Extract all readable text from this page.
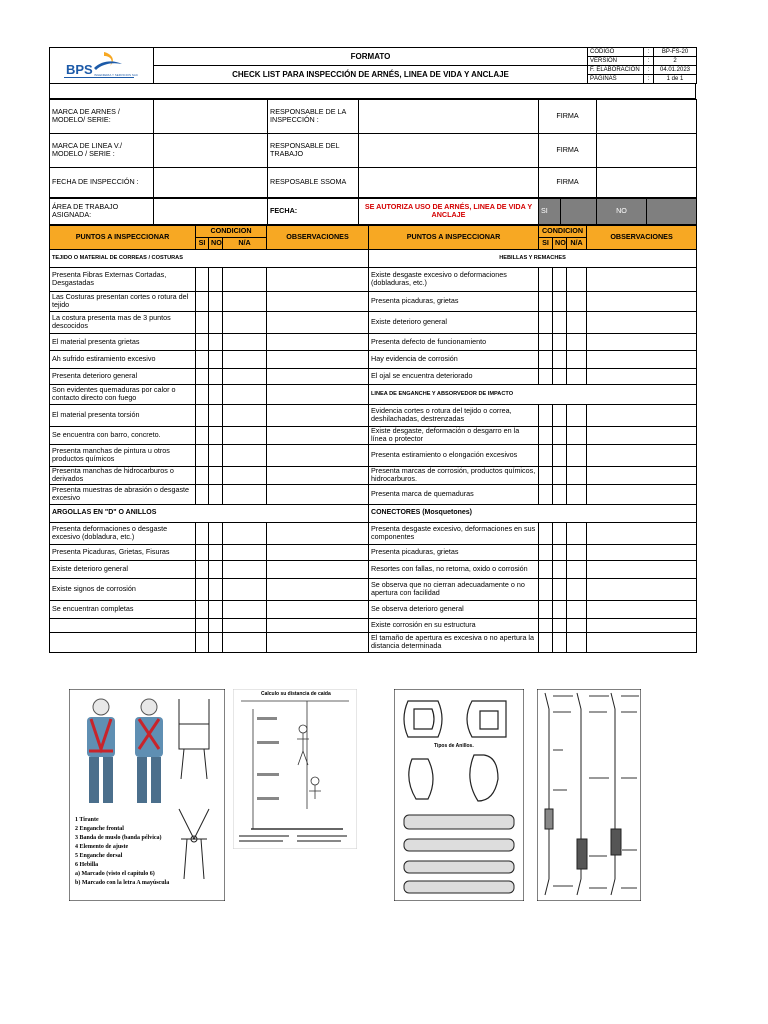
BPS INGENIERIA Y SERVICIOS SAC	FORMATO	CÓDIGO	:	BP-FS-20
		VERSIÓN	:	2
	CHECK LIST PARA INSPECCIÓN DE ARNÉS, LINEA DE VIDA Y ANCLAJE	F. ELABORACIÓN	:	04.01.2023
		PÁGINAS	:	1 de 1
MARCA DE ARNES / MODELO/ SERIE:		RESPONSABLE DE LA INSPECCIÓN :		FIRMA	
MARCA DE LINEA V./ MODELO / SERIE :		RESPONSABLE DEL TRABAJO		FIRMA	
FECHA DE INSPECCIÓN :		RESPOSABLE SSOMA		FIRMA	
ÁREA DE TRABAJO ASIGNADA:		FECHA:	SE AUTORIZA USO DE ARNÉS, LINEA DE VIDA Y ANCLAJE	SI		NO	
PUNTOS A INSPECCIONAR	CONDICION			OBSERVACIONES	PUNTOS A INSPECCIONAR	CONDICION			OBSERVACIONES
	SI	NO	N/A			SI	NO	N/A	
TEJIDO O MATERIAL DE CORREAS / COSTURAS					HEBILLAS Y REMACHES				
Presenta Fibras Externas Cortadas, Desgastadas					Existe desgaste excesivo o deformaciones (dobladuras, etc.)				
Las Costuras presentan cortes o rotura del tejido					Presenta picaduras, grietas				
La costura presenta mas de 3 puntos descocidos					Existe deterioro general				
El material presenta grietas					Presenta defecto de funcionamiento				
Ah sufrido estiramiento excesivo					Hay evidencia de corrosión				
Presenta deterioro general					El ojal se encuentra deteriorado				
Son evidentes quemaduras por calor o contacto directo con fuego					LINEA DE ENGANCHE Y ABSORVEDOR DE IMPACTO				
El material presenta torsión					Evidencia cortes o rotura del tejido o correa, deshilachadas, destrenzadas				
Se encuentra con barro, concreto.					Existe desgaste, deformación o desgarro en la línea o protector				
Presenta manchas de pintura u otros productos químicos					Presenta estiramiento o elongación excesivos				
Presenta manchas de hidrocarburos o derivados					Presenta marcas de corrosión, productos químicos, hidrocarburos.				
Presenta muestras de abrasión o desgaste excesivo					Presenta marca de quemaduras				
ARGOLLAS EN "D" O ANILLOS					CONECTORES (Mosquetones)				
Presenta deformaciones o desgaste excesivo (dobladura, etc.)					Presenta desgaste excesivo, deformaciones en sus componentes				
Presenta Picaduras, Grietas, Fisuras					Presenta picaduras, grietas				
Existe deterioro general					Resortes con fallas, no retorna, oxido o corrosión				
Existe signos de corrosión					Se observa que no cierran adecuadamente o no apertura con facilidad				
Se encuentran completas					Se observa deterioro general				
					Existe corrosión en su estructura				
					El tamaño de apertura es excesiva o no apertura la distancia determinada				
1 Tirante
2 Enganche frontal
3 Banda de muslo (banda pélvica)
4 Elemento de ajuste
5 Enganche dorsal
6 Hebilla
a) Marcado (visto el capítulo 6)
b) Marcado con la letra A mayúscula
Calculo su distancia de caida
Tipos de Anillos.
